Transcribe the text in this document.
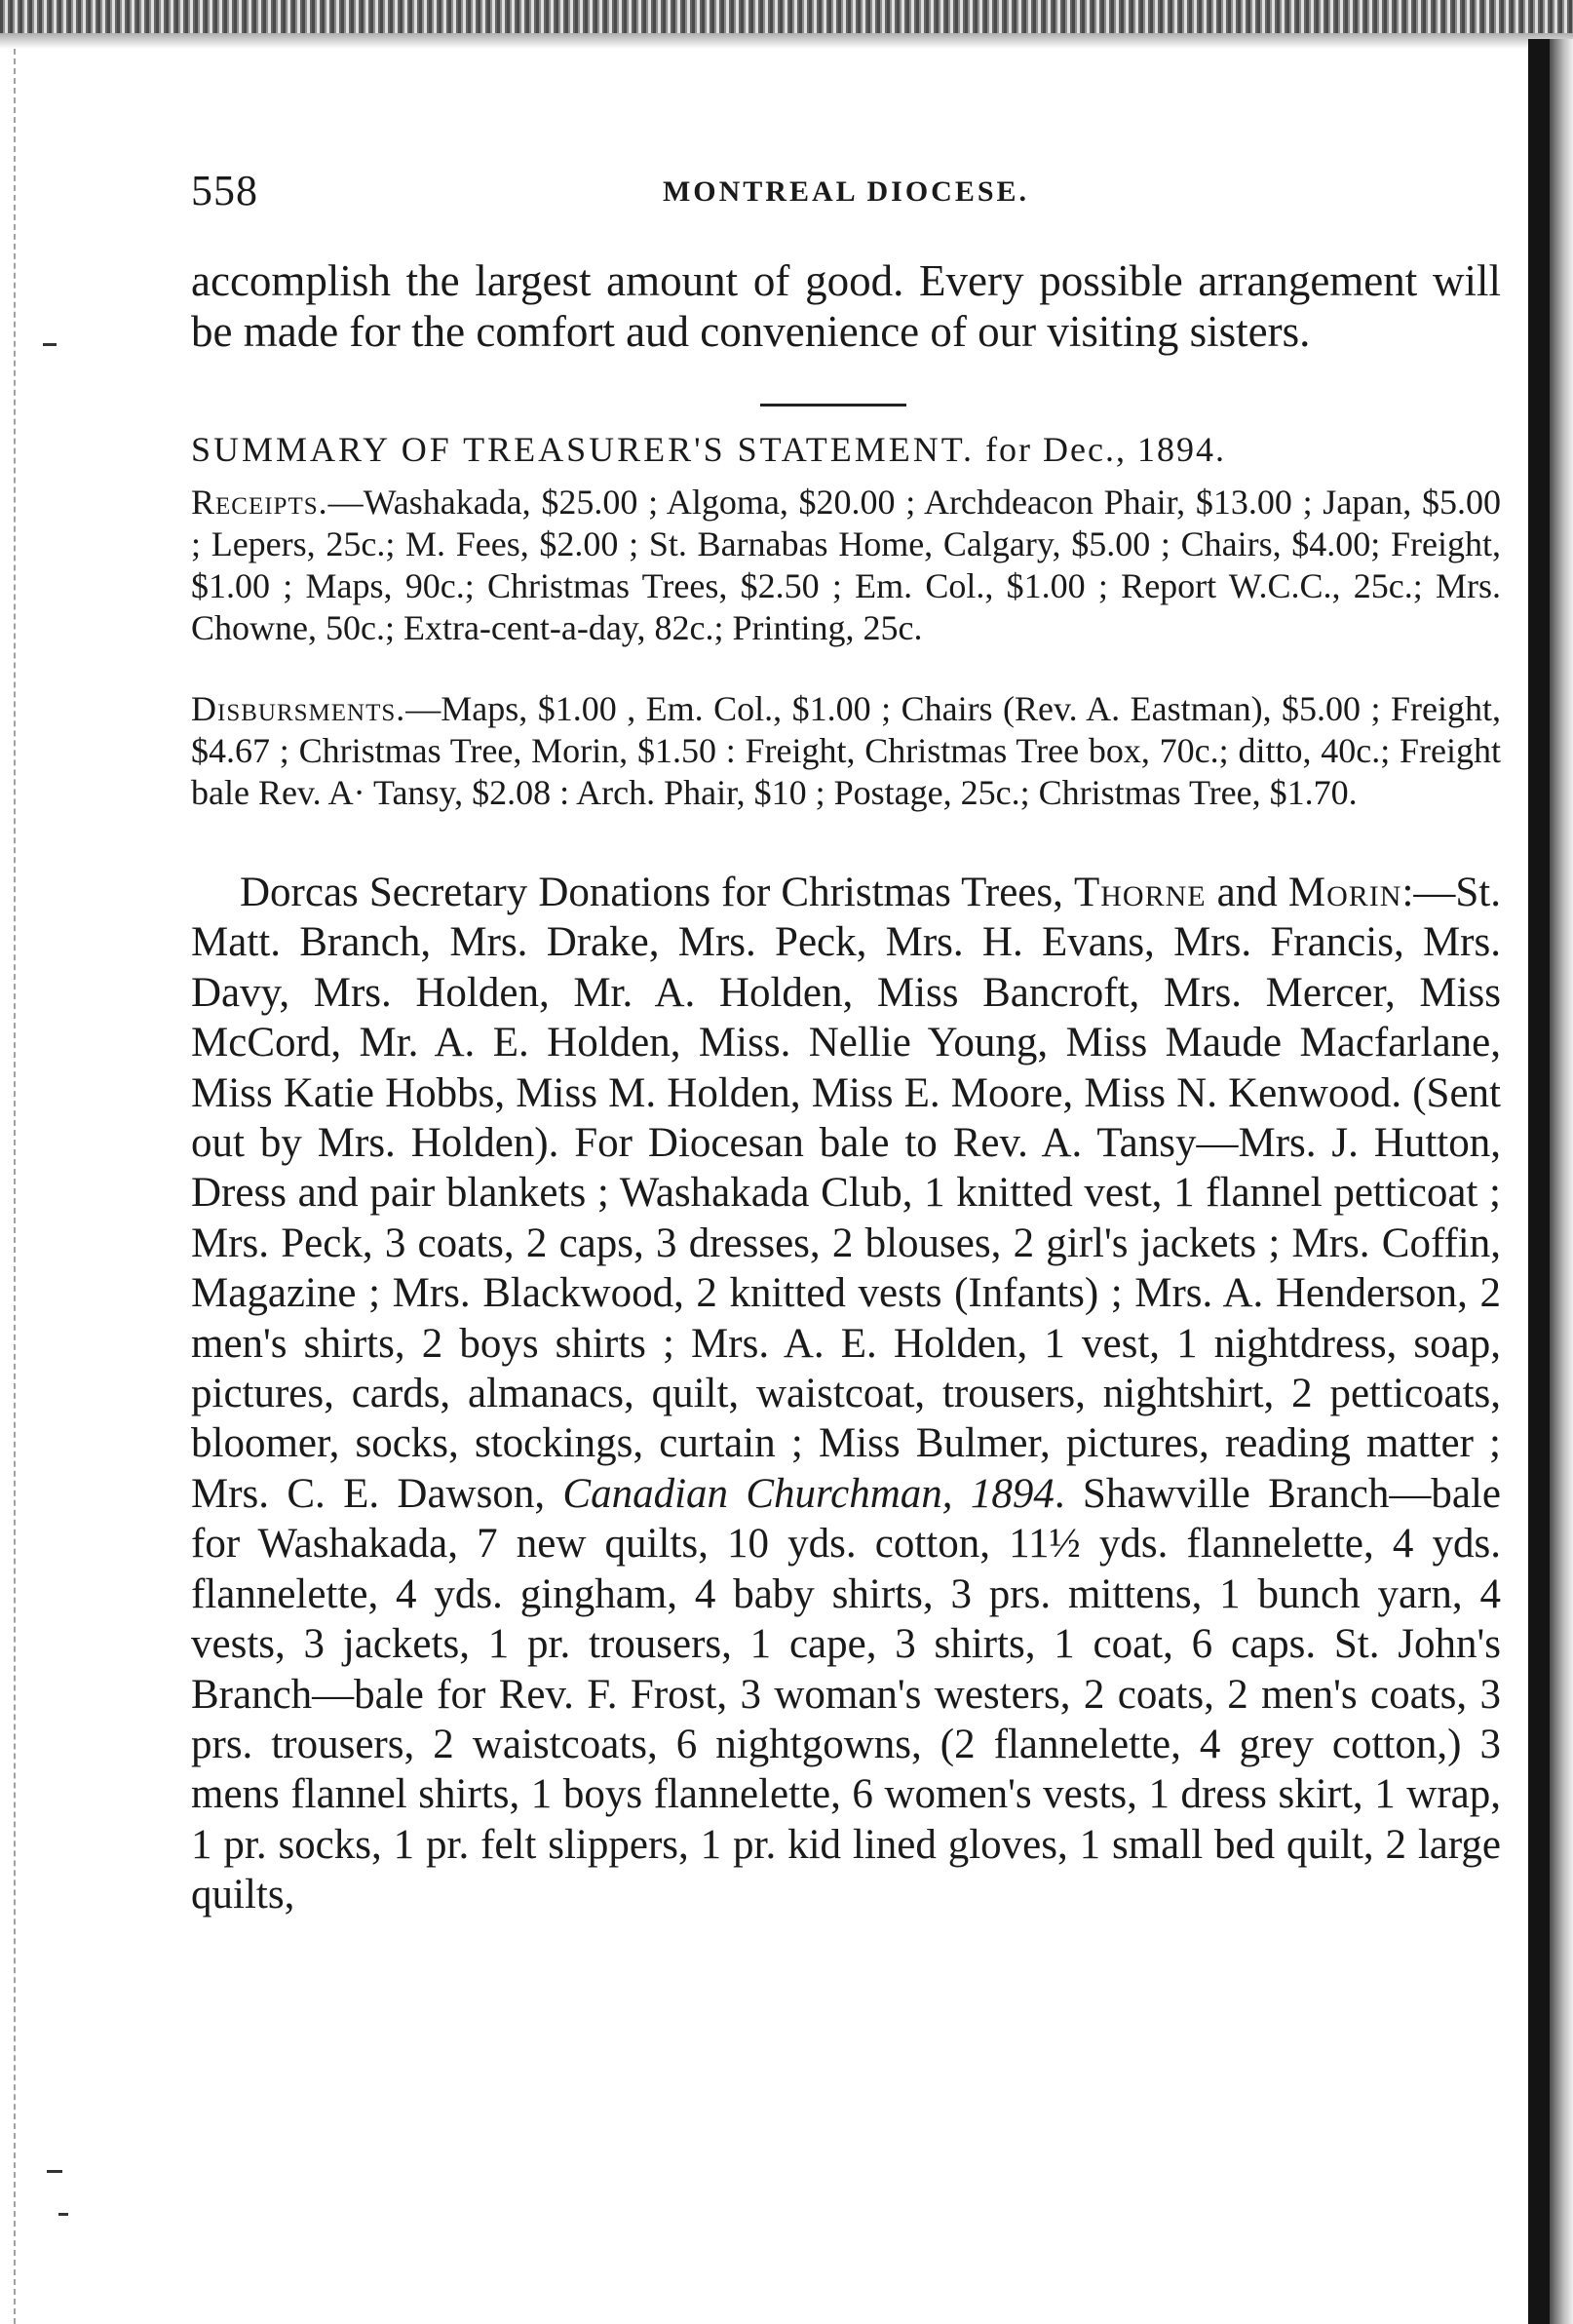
558	MONTREAL DIOCESE.

accomplish the largest amount of good. Every possible arrangement will be made for the comfort aud convenience of our visiting sisters.

SUMMARY OF TREASURER'S STATEMENT. for Dec., 1894.

Receipts.—Washakada, $25.00 ; Algoma, $20.00 ; Archdeacon Phair, $13.00 ; Japan, $5.00 ; Lepers, 25c.; M. Fees, $2.00 ; St. Barnabas Home, Calgary, $5.00 ; Chairs, $4.00; Freight, $1.00 ; Maps, 90c.; Christmas Trees, $2.50 ; Em. Col., $1.00 ; Report W.C.C., 25c.; Mrs. Chowne, 50c.; Extra-cent-a-day, 82c.; Printing, 25c.

Disbursments.—Maps, $1.00 , Em. Col., $1.00 ; Chairs (Rev. A. Eastman), $5.00 ; Freight, $4.67 ; Christmas Tree, Morin, $1.50 : Freight, Christmas Tree box, 70c.; ditto, 40c.; Freight bale Rev. A· Tansy, $2.08 : Arch. Phair, $10 ; Postage, 25c.; Christmas Tree, $1.70.

Dorcas Secretary Donations for Christmas Trees, Thorne and Morin:—St. Matt. Branch, Mrs. Drake, Mrs. Peck, Mrs. H. Evans, Mrs. Francis, Mrs. Davy, Mrs. Holden, Mr. A. Holden, Miss Bancroft, Mrs. Mercer, Miss McCord, Mr. A. E. Holden, Miss. Nellie Young, Miss Maude Macfarlane, Miss Katie Hobbs, Miss M. Holden, Miss E. Moore, Miss N. Kenwood. (Sent out by Mrs. Holden). For Diocesan bale to Rev. A. Tansy—Mrs. J. Hutton, Dress and pair blankets ; Washakada Club, 1 knitted vest, 1 flannel petticoat ; Mrs. Peck, 3 coats, 2 caps, 3 dresses, 2 blouses, 2 girl's jackets ; Mrs. Coffin, Magazine ; Mrs. Blackwood, 2 knitted vests (Infants) ; Mrs. A. Henderson, 2 men's shirts, 2 boys shirts ; Mrs. A. E. Holden, 1 vest, 1 nightdress, soap, pictures, cards, almanacs, quilt, waistcoat, trousers, nightshirt, 2 petticoats, bloomer, socks, stockings, curtain ; Miss Bulmer, pictures, reading matter ; Mrs. C. E. Dawson, Canadian Churchman, 1894. Shawville Branch—bale for Washakada, 7 new quilts, 10 yds. cotton, 11½ yds. flannelette, 4 yds. flannelette, 4 yds. gingham, 4 baby shirts, 3 prs. mittens, 1 bunch yarn, 4 vests, 3 jackets, 1 pr. trousers, 1 cape, 3 shirts, 1 coat, 6 caps. St. John's Branch—bale for Rev. F. Frost, 3 woman's westers, 2 coats, 2 men's coats, 3 prs. trousers, 2 waistcoats, 6 nightgowns, (2 flannelette, 4 grey cotton,) 3 mens flannel shirts, 1 boys flannelette, 6 women's vests, 1 dress skirt, 1 wrap, 1 pr. socks, 1 pr. felt slippers, 1 pr. kid lined gloves, 1 small bed quilt, 2 large quilts,
